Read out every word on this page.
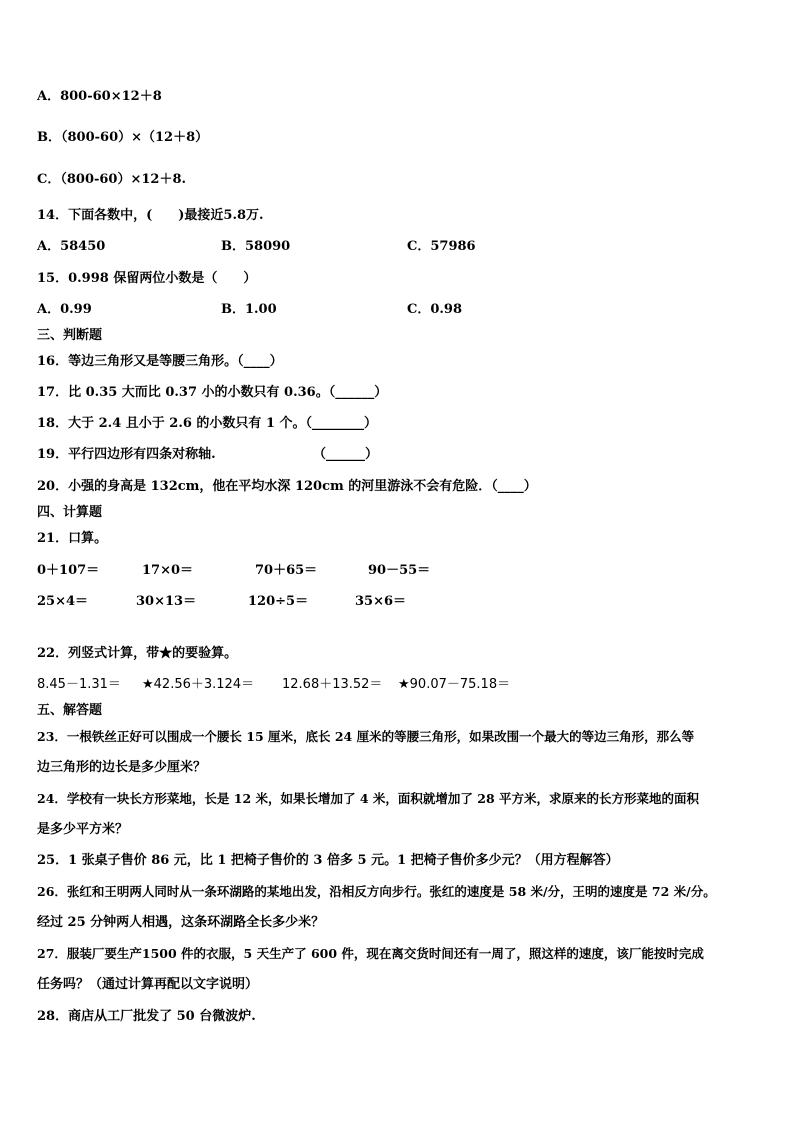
A．800-60×12＋8
B．（800-60）×（12＋8）
C．（800-60）×12＋8.
14．下面各数中，(　　)最接近5.8万.
A．58450	B．58090	C．57986
15．0.998 保留两位小数是（　　）
A．0.99	B．1.00	C．0.98
三、判断题
16．等边三角形又是等腰三角形。（____）
17．比 0.35 大而比 0.37 小的小数只有 0.36。（______）
18．大于 2.4 且小于 2.6 的小数只有 1 个。（________）
19．平行四边形有四条对称轴.	（______）
20．小强的身高是 132cm，他在平均水深 120cm 的河里游泳不会有危险．（____）
四、计算题
21．口算。
0＋107＝	17×0＝	70＋65＝	90－55＝
25×4＝	30×13＝	120÷5＝	35×6＝
22．列竖式计算，带★的要验算。
8.45－1.31＝ ★42.56＋3.124＝ 12.68＋13.52＝ ★90.07－75.18＝
五、解答题
23．一根铁丝正好可以围成一个腰长 15 厘米，底长 24 厘米的等腰三角形，如果改围一个最大的等边三角形，那么等
边三角形的边长是多少厘米？
24．学校有一块长方形菜地，长是 12 米，如果长增加了 4 米，面积就增加了 28 平方米，求原来的长方形菜地的面积
是多少平方米？
25．1 张桌子售价 86 元，比 1 把椅子售价的 3 倍多 5 元。1 把椅子售价多少元？（用方程解答）
26．张红和王明两人同时从一条环湖路的某地出发，沿相反方向步行。张红的速度是 58 米/分，王明的速度是 72 米/分。
经过 25 分钟两人相遇，这条环湖路全长多少米？
27．服装厂要生产1500 件的衣服，5 天生产了 600 件，现在离交货时间还有一周了，照这样的速度，该厂能按时完成
任务吗？（通过计算再配以文字说明）
28．商店从工厂批发了 50 台微波炉.
